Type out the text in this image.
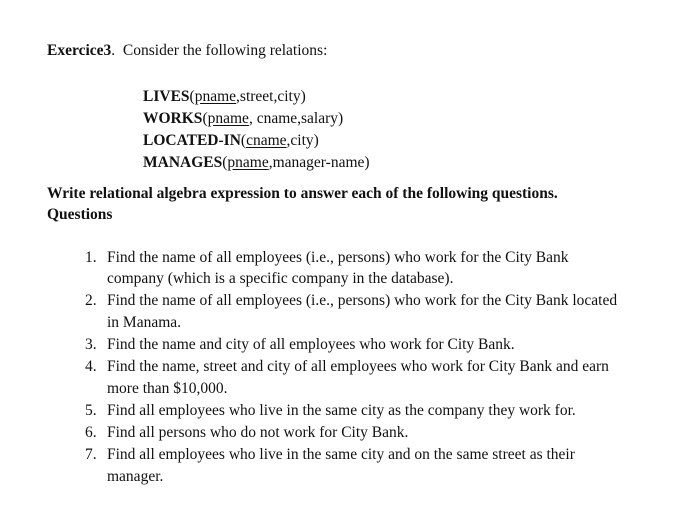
Exercice3. Consider the following relations:
LIVES(pname,street,city)
WORKS(pname, cname,salary)
LOCATED-IN(cname,city)
MANAGES(pname,manager-name)
Write relational algebra expression to answer each of the following questions.
Questions
1. Find the name of all employees (i.e., persons) who work for the City Bank
company (which is a specific company in the database).
2. Find the name of all employees (i.e., persons) who work for the City Bank located
in Manama.
3. Find the name and city of all employees who work for City Bank.
4. Find the name, street and city of all employees who work for City Bank and earn
more than $10,000.
5. Find all employees who live in the same city as the company they work for.
6. Find all persons who do not work for City Bank.
7. Find all employees who live in the same city and on the same street as their
manager.
